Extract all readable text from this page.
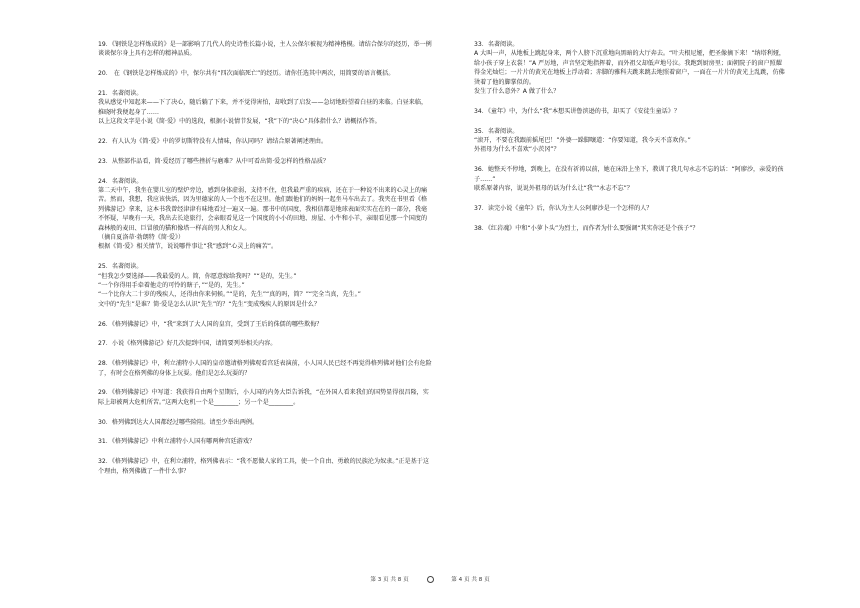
19．《钢铁是怎样炼成的》是一部影响了几代人的史诗性长篇小说，主人公保尔被视为精神楷模。请结合保尔的经历，举一例谈谈保尔身上具有怎样的精神品质。

20． 在《钢铁是怎样炼成的》中，保尔共有“四次面临死亡”的经历。请你任选其中两次，用简要的语言概括。

21．名著阅读。

我从感觉中知起来——下了决心，随后躺了下来，并不觉得害怕，却收到了启发——急切地盼望着白昼的来临。白昼来临，推晓时我便起身了……

以上这段文字是小说《简·爱》中的选段，根据小说情节发展，“我”下的“决心”具体指什么？请概括作答。

22．有人认为《简·爱》中的罗切斯特没有人情味，你认同吗？请结合原著阐述理由。

23．从整部作品看，简·爱经历了哪些挫折与磨难？从中可看出简·爱怎样的性格品质？

24．名著阅读。

第二天中午，我坐在婴儿室的壁炉旁边，感到身体虚弱，支持不住，但我最严重的疾病，还在于一种说不出来的心灵上的痛苦。然而，我想，我应该快活，因为里德家的人一个也不在这里。他们跟他们的妈妈一起坐马车出去了。我夹在书里看《格列佛游记》拿来，这本书我曾经津津有味地看过一遍又一遍。那书中的国度，我相信都是地球表面实实在在的一部分，我毫不怀疑，早晚有一天，我出去长途旅行，会亲眼看见这一个国度的小小的田地、房屋、小牛和小羊，亲眼看见那一个国度的森林般的麦田、巨冒般的猫和像塔一样高的男人和女人。

（摘自夏洛蒂·勃朗特《简·爱》）

根据《简·爱》相关情节，说说哪件事让“我”感到“心灵上的痛苦”。

25．名著阅读。

“但我怎少要选择——我最爱的人。简，你愿意嫁给我吗？”“是的，先生。”

“一个你得用手牵着他走的可怜的瞎子，”“是的，先生。”

“一个比你大二十岁的残疾人，还得由你来伺候。”“是的，先生”“真的吗，简？”“完全当真，先生。”

文中的“先生”是谁？简·爱是怎么认识“先生”的？“先生”变成残疾人的原因是什么？

26．《格列佛游记》中，“我”来到了大人国的皇宫，受到了王后的侏儒的哪些欺侮？

27．小说《格列佛游记》好几次提到中国，请简要列举相关内容。

28．《格列佛游记》中，利立浦特小人国的皇帝邀请格列佛观看宫廷表演前，小人国人民已经不再觉得格列佛对他们会有危险了，有时会在格列佛的身体上玩耍。他们是怎么玩耍的？

29．《格列佛游记》中写道：我获得自由两个星期后，小人国的内务大臣告诉我，“在外国人看来我们的国势显得很昌隆，实际上却被两大危机所苦。”这两大危机一个是________；另一个是________。

30．格列佛到达大人国都经过哪些险阻。请至少举出两例。

31．《格列佛游记》中利立浦特小人国有哪两种宫廷游戏？

32．《格列佛游记》中，在利立浦特，格列佛表示：“我不愿做人家的工具，使一个自由、勇敢的民族沦为奴隶。”正是基于这个理由，格列佛做了一件什么事？

33．名著阅读。

A 大叫一声，从地板上跳起身来，两个人膀下沉重地向黑暗的大厅奔去。“叶夫根尼娅，把圣像摘下来！”纳塔利娅，给小孩子穿上衣裳！”A 严厉地，声音坚定地指挥着，而外祖父却低声地号泣。我跑到厨房里；面朝院子的窗户照耀得金光灿烂；一片片的黄光在地板上浮动着；赤脚的雅科夫跳来跳去地照着窗户，一面在一片片的黄光上乱跳，仿佛烫着了他的脚掌似的。

发生了什么意外？A 做了什么？

34．《童年》中，为什么“我”本想买讲鲁滨逊的书，却买了《安徒生童话》？

35．名著阅读。

“滚开，不要在我跟前摇尾巴！”外婆一跺脚嚷道：“你要知道，我今天不喜欢你。”

外祖母为什么不喜欢“小茨冈”？

36．她整天不停地，到晚上，在没有祈祷以前，她在床沿上坐下，教训了我几句永志不忘的话：“阿廖沙，亲爱的孩子……”

联系原著内容，说说外祖母的话为什么让“我”“永志不忘”？

37．读完小说《童年》后，你认为主人公阿廖沙是一个怎样的人？

38．《红岩魂》中和“小萝卜头”为烈士，而作者为什么要强调“其实你还是个孩子”？

第 3 页 共 8 页	第 4 页 共 8 页
